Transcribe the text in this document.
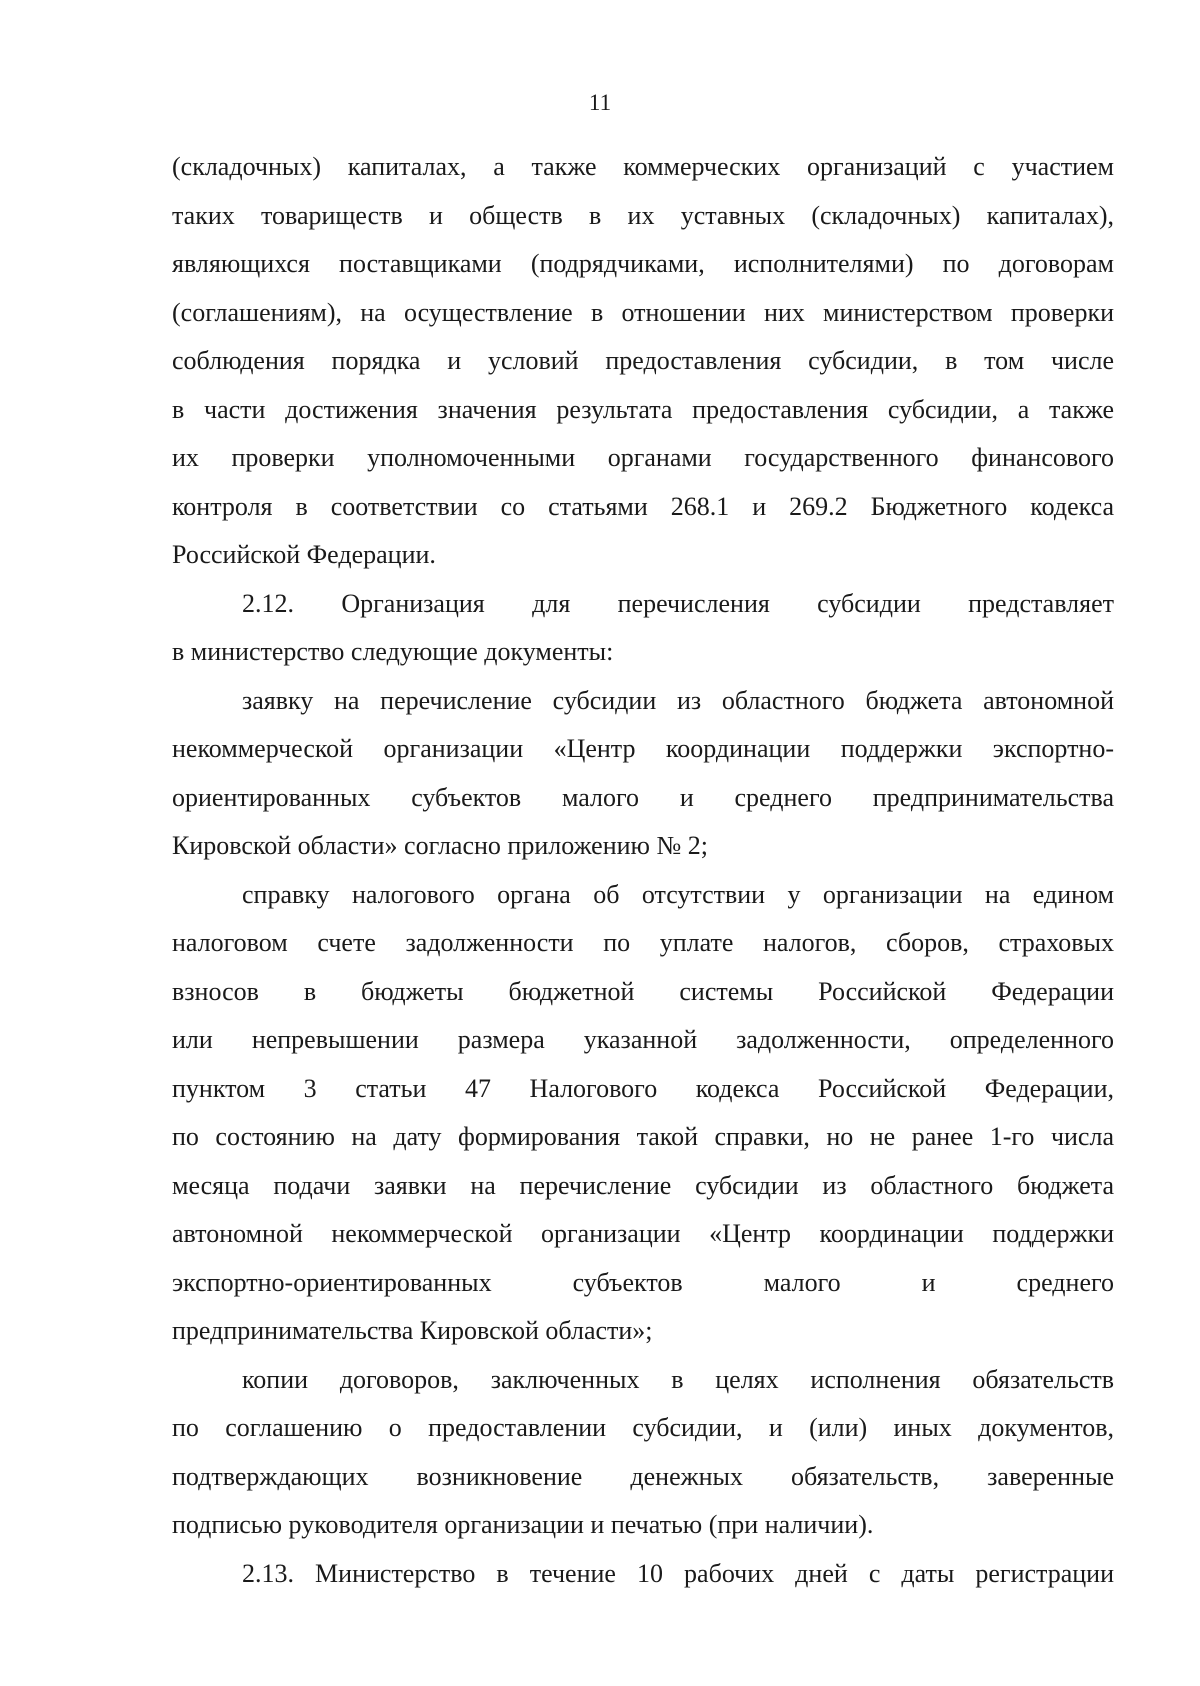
11
(складочных) капиталах, а также коммерческих организаций с участием
таких товариществ и обществ в их уставных (складочных) капиталах),
являющихся поставщиками (подрядчиками, исполнителями) по договорам
(соглашениям), на осуществление в отношении них министерством проверки
соблюдения порядка и условий предоставления субсидии, в том числе
в части достижения значения результата предоставления субсидии, а также
их проверки уполномоченными органами государственного финансового
контроля в соответствии со статьями 268.1 и 269.2 Бюджетного кодекса
Российской Федерации.
2.12. Организация для перечисления субсидии представляет
в министерство следующие документы:
заявку на перечисление субсидии из областного бюджета автономной
некоммерческой организации «Центр координации поддержки экспортно-
ориентированных субъектов малого и среднего предпринимательства
Кировской области» согласно приложению № 2;
справку налогового органа об отсутствии у организации на едином
налоговом счете задолженности по уплате налогов, сборов, страховых
взносов в бюджеты бюджетной системы Российской Федерации
или непревышении размера указанной задолженности, определенного
пунктом 3 статьи 47 Налогового кодекса Российской Федерации,
по состоянию на дату формирования такой справки, но не ранее 1-го числа
месяца подачи заявки на перечисление субсидии из областного бюджета
автономной некоммерческой организации «Центр координации поддержки
экспортно-ориентированных субъектов малого и среднего
предпринимательства Кировской области»;
копии договоров, заключенных в целях исполнения обязательств
по соглашению о предоставлении субсидии, и (или) иных документов,
подтверждающих возникновение денежных обязательств, заверенные
подписью руководителя организации и печатью (при наличии).
2.13. Министерство в течение 10 рабочих дней с даты регистрации
